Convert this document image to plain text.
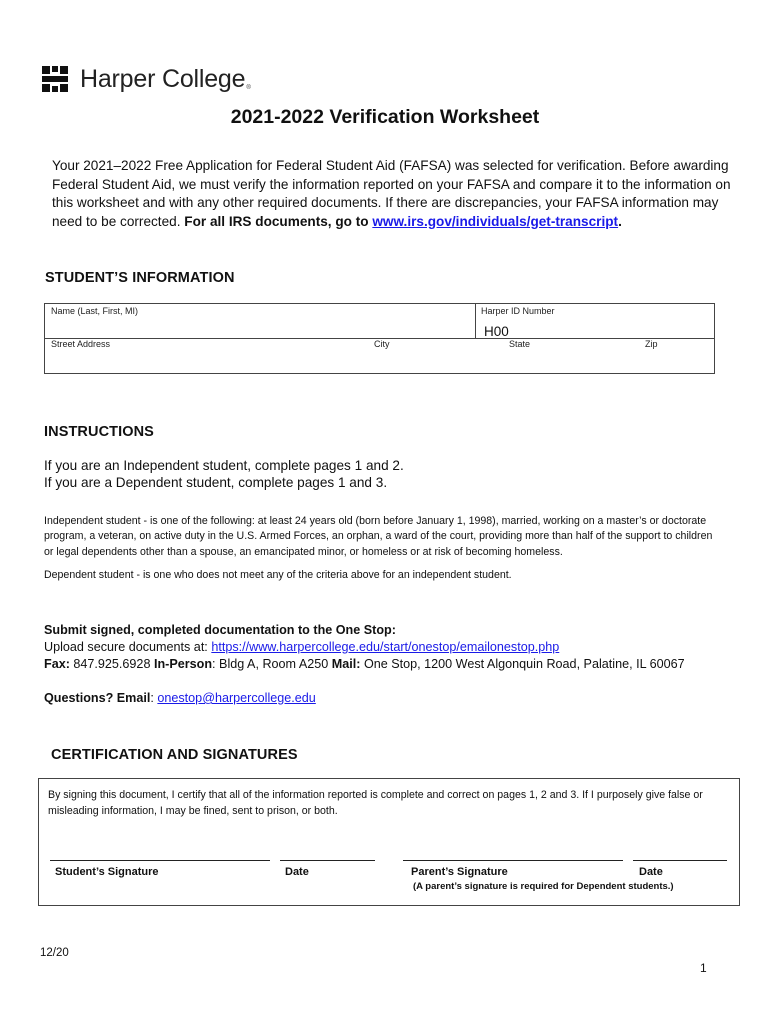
Harper College ®
2021-2022 Verification Worksheet
Your 2021–2022 Free Application for Federal Student Aid (FAFSA) was selected for verification. Before awarding Federal Student Aid, we must verify the information reported on your FAFSA and compare it to the information on this worksheet and with any other required documents. If there are discrepancies, your FAFSA information may need to be corrected. For all IRS documents, go to www.irs.gov/individuals/get-transcript.
STUDENT’S INFORMATION
Name (Last, First, MI)	Harper ID Number
H00
Street Address	City	State	Zip
INSTRUCTIONS
If you are an Independent student, complete pages 1 and 2.
If you are a Dependent student, complete pages 1 and 3.
Independent student - is one of the following: at least 24 years old (born before January 1, 1998), married, working on a master’s or doctorate program, a veteran, on active duty in the U.S. Armed Forces, an orphan, a ward of the court, providing more than half of the support to children or legal dependents other than a spouse, an emancipated minor, or homeless or at risk of becoming homeless.
Dependent student - is one who does not meet any of the criteria above for an independent student.
Submit signed, completed documentation to the One Stop:
Upload secure documents at: https://www.harpercollege.edu/start/onestop/emailonestop.php
Fax: 847.925.6928 In-Person: Bldg A, Room A250 Mail: One Stop, 1200 West Algonquin Road, Palatine, IL 60067
Questions? Email: onestop@harpercollege.edu
CERTIFICATION AND SIGNATURES
By signing this document, I certify that all of the information reported is complete and correct on pages 1, 2 and 3. If I purposely give false or misleading information, I may be fined, sent to prison, or both.
Student’s Signature	Date	Parent’s Signature	Date
(A parent’s signature is required for Dependent students.)
12/20
1
